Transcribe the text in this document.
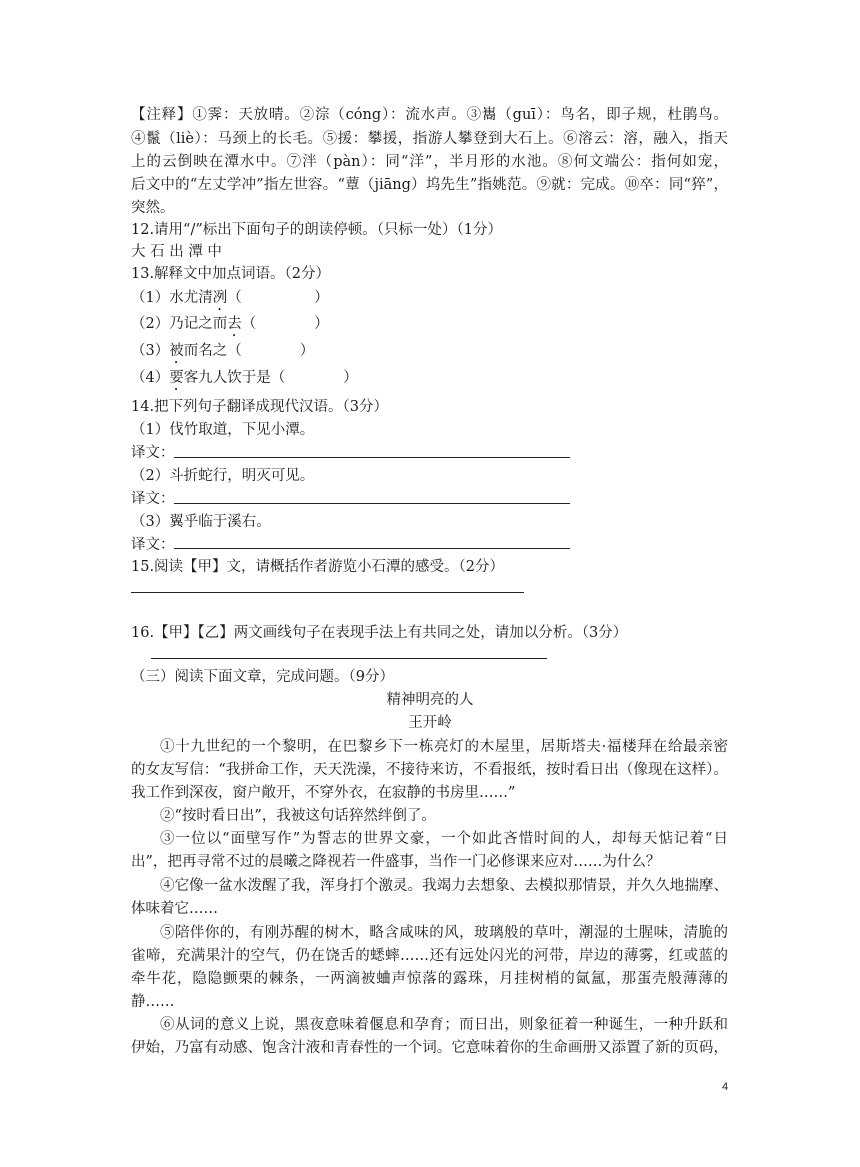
【注释】①霁：天放晴。②淙（cóng）：流水声。③巂（guī）：鸟名，即子规，杜鹃鸟。
④鬣（liè）：马颈上的长毛。⑤援：攀援，指游人攀登到大石上。⑥溶云：溶，融入，指天
上的云倒映在潭水中。⑦泮（pàn）：同“洋”，半月形的水池。⑧何文端公：指何如宠，
后文中的“左丈学冲”指左世容。“蕈（jiāng）坞先生”指姚范。⑨就：完成。⑩卒：同“猝”，
突然。
12.请用“/”标出下面句子的朗读停顿。（只标一处）（1分）
大 石 出 潭 中
13.解释文中加点词语。（2分）
（1）水尤清冽（　　　　　）
（2）乃记之而去（　　　　）
（3）被而名之（　　　　）
（4）要客九人饮于是（　　　　）
14.把下列句子翻译成现代汉语。（3分）
（1）伐竹取道，下见小潭。
译文：
（2）斗折蛇行，明灭可见。
译文：
（3）翼乎临于溪右。
译文：
15.阅读【甲】文，请概括作者游览小石潭的感受。（2分）
16.【甲】【乙】两文画线句子在表现手法上有共同之处，请加以分析。（3分）
（三）阅读下面文章，完成问题。（9分）
精神明亮的人
王开岭
①十九世纪的一个黎明，在巴黎乡下一栋亮灯的木屋里，居斯塔夫·福楼拜在给最亲密
的女友写信：“我拼命工作，天天洗澡，不接待来访，不看报纸，按时看日出（像现在这样）。
我工作到深夜，窗户敞开，不穿外衣，在寂静的书房里……”
②“按时看日出”，我被这句话猝然绊倒了。
③一位以“面壁写作”为誓志的世界文豪，一个如此吝惜时间的人，却每天惦记着“日
出”，把再寻常不过的晨曦之降视若一件盛事，当作一门必修课来应对……为什么？
④它像一盆水泼醒了我，浑身打个激灵。我竭力去想象、去模拟那情景，并久久地揣摩、
体味着它……
⑤陪伴你的，有刚苏醒的树木，略含咸味的风，玻璃般的草叶，潮湿的土腥味，清脆的
雀啼，充满果汁的空气，仍在饶舌的蟋蟀……还有远处闪光的河带，岸边的薄雾，红或蓝的
牵牛花，隐隐颤栗的棘条，一两滴被蛐声惊落的露珠，月挂树梢的氤氲，那蛋壳般薄薄的
静……
⑥从词的意义上说，黑夜意味着偃息和孕育；而日出，则象征着一种诞生，一种升跃和
伊始，乃富有动感、饱含汁液和青春性的一个词。它意味着你的生命画册又添置了新的页码，
4
